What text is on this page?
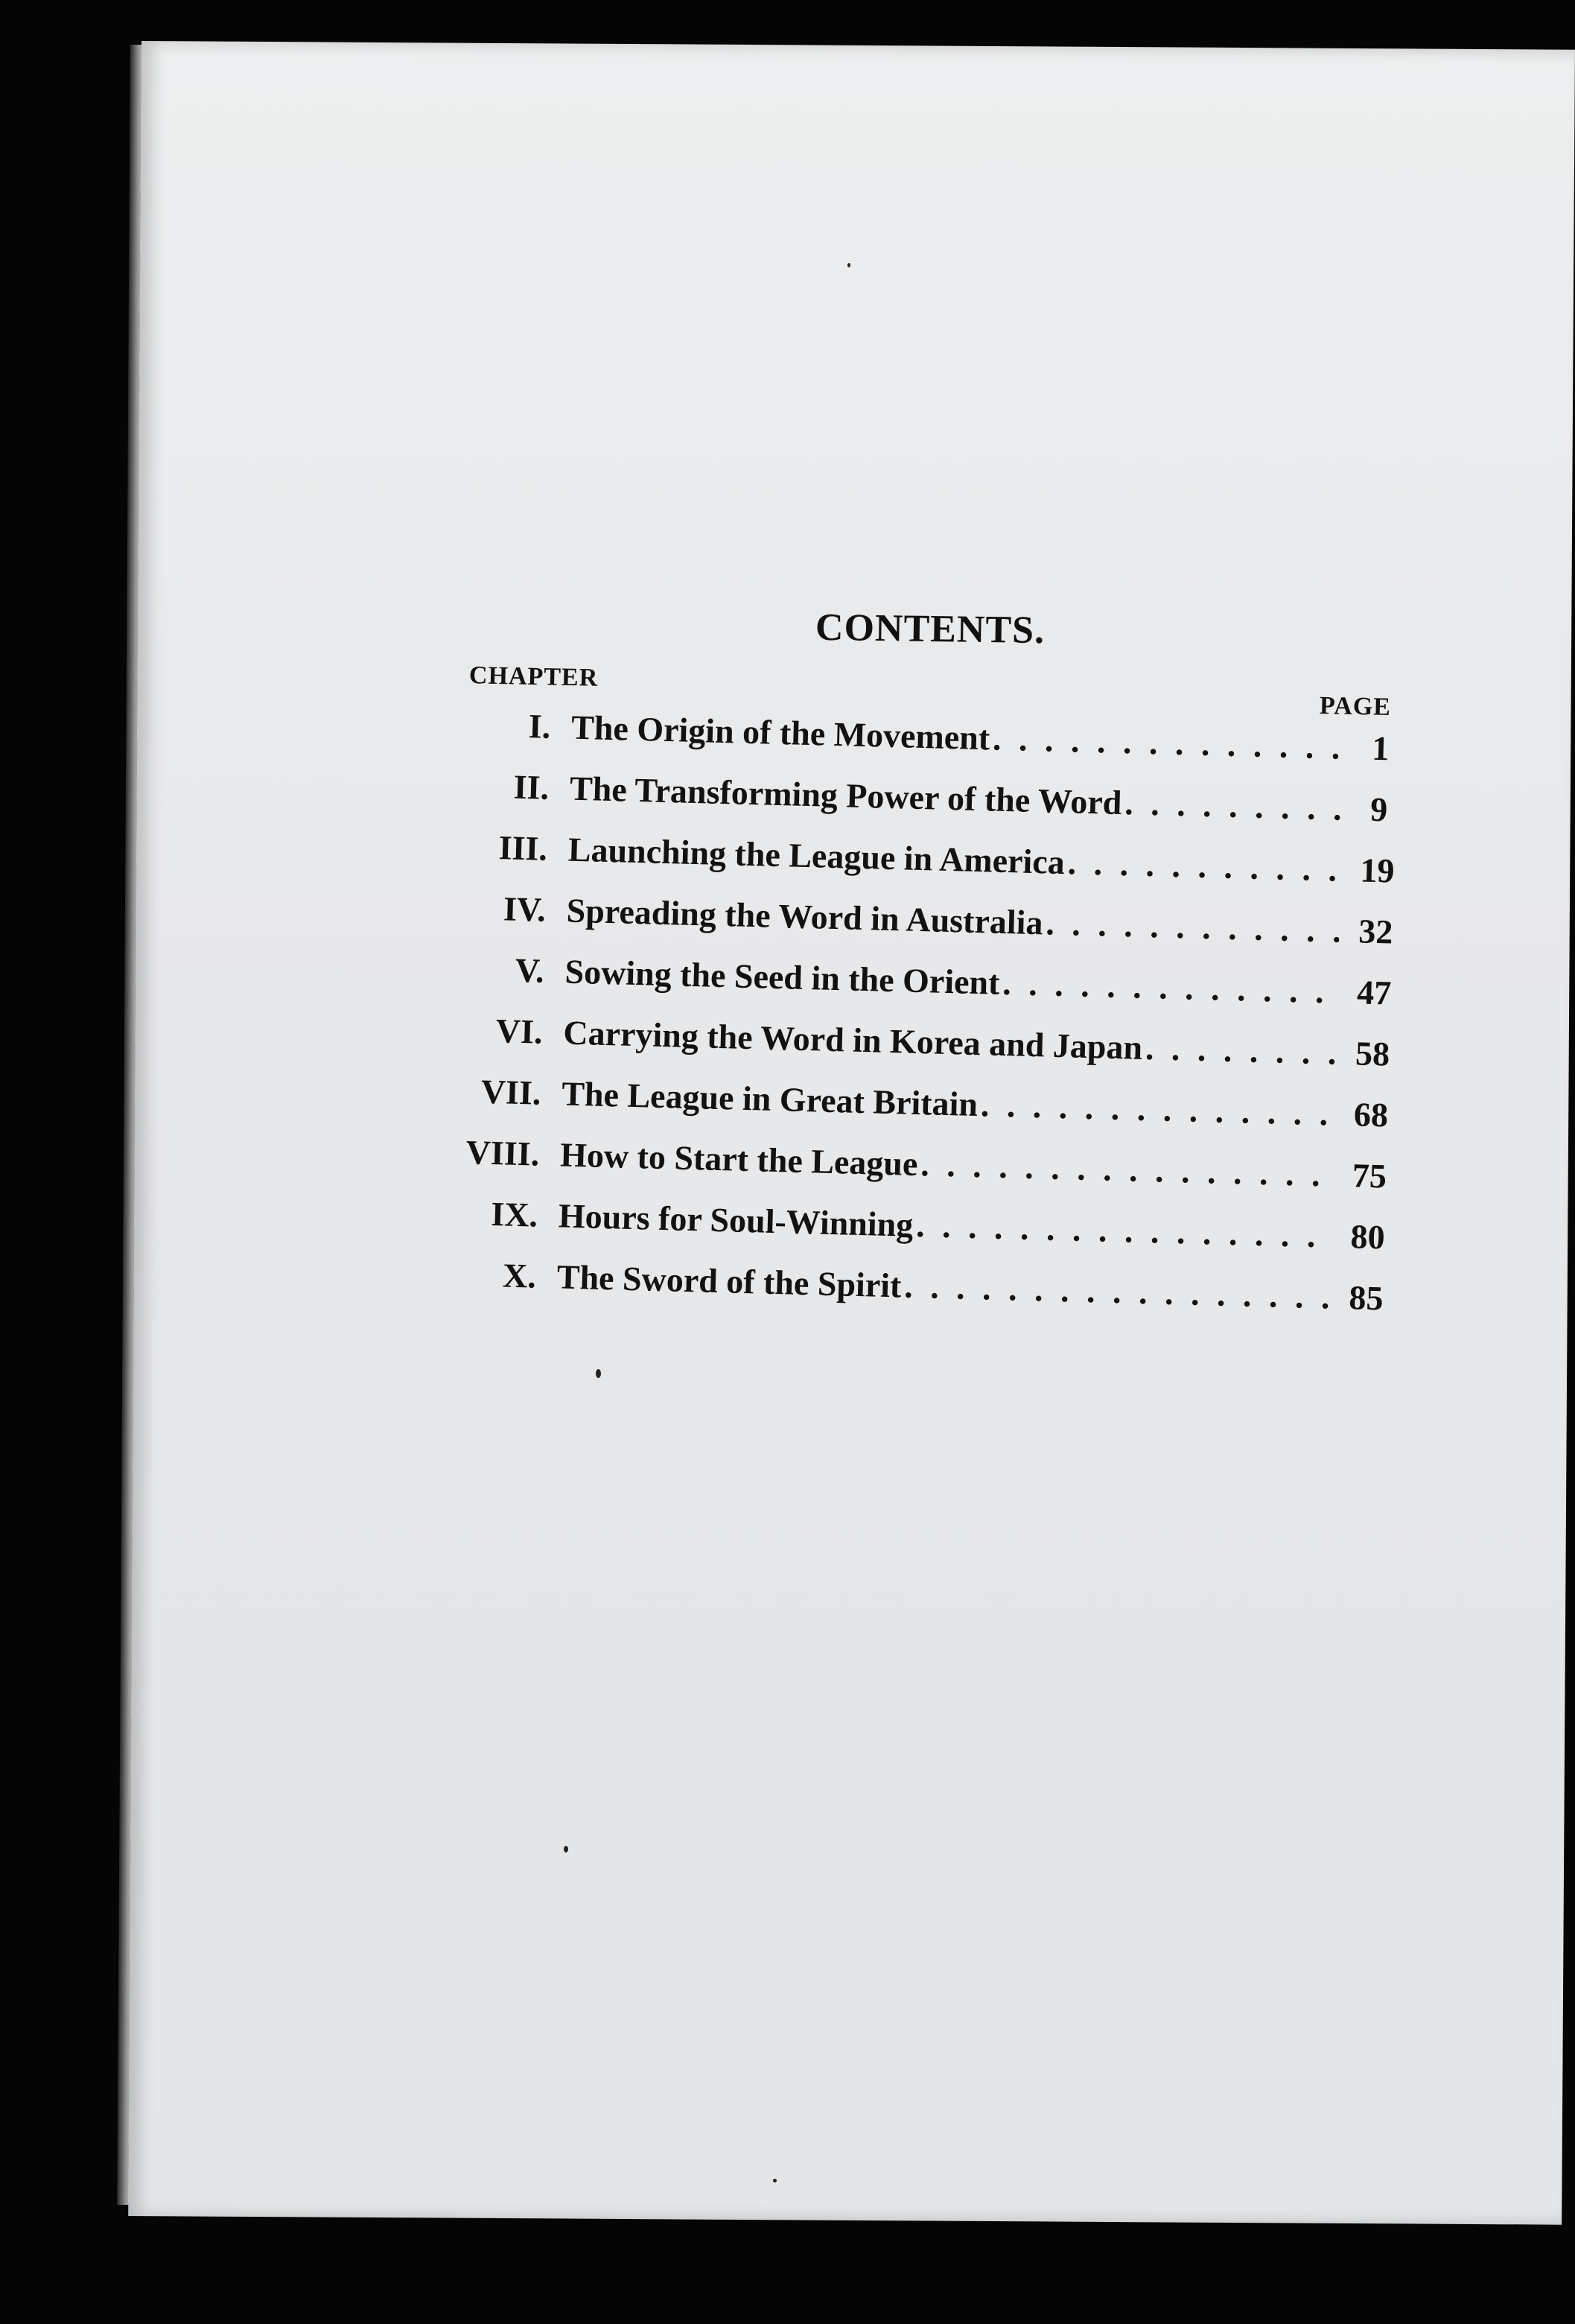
CONTENTS.
CHAPTER
PAGE
I. The Origin of the Movement . . .	1
II. The Transforming Power of the Word . . .	9
III. Launching the League in America . . .	19
IV. Spreading the Word in Australia . . .	32
V. Sowing the Seed in the Orient . . .	47
VI. Carrying the Word in Korea and Japan . . .	58
VII. The League in Great Britain . . .	68
VIII. How to Start the League . . .	75
IX. Hours for Soul-Winning . . .	80
X. The Sword of the Spirit . . .	85
